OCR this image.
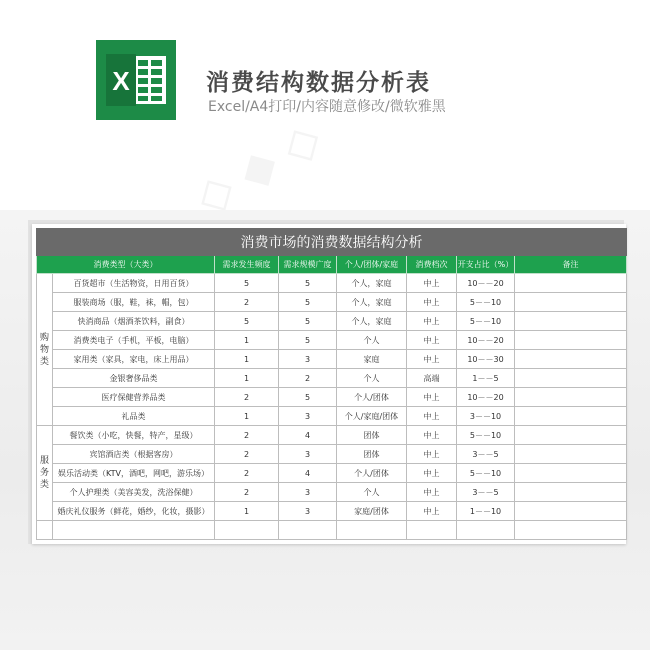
X	消费结构数据分析表
Excel/A4打印/内容随意修改/微软雅黑
消费市场的消费数据结构分析							
消费类型（大类）		需求发生频度	需求规模广度	个人/团体/家庭	消费档次	开支占比（%）	备注

购
物
类	百货超市（生活物资，日用百货）	5	5	个人，家庭	中上	10－－20	
	服装商场（服，鞋，袜，帽，包）	2	5	个人，家庭	中上	5－－10	
	快消商品（烟酒茶饮料，副食）	5	5	个人，家庭	中上	5－－10	
	消费类电子（手机，平板，电脑）	1	5	个人	中上	10－－20	
	家用类（家具，家电，床上用品）	1	3	家庭	中上	10－－30	
	金银奢侈品类	1	2	个人	高端	1－－5	
	医疗保健营养品类	2	5	个人/团体	中上	10－－20	
	礼品类	1	3	个人/家庭/团体	中上	3－－10	

服
务
类	餐饮类（小吃，快餐，特产，星级）	2	4	团体	中上	5－－10	
	宾馆酒店类（根据客房）	2	3	团体	中上	3－－5	
	娱乐活动类（KTV，酒吧，网吧，游乐场）	2	4	个人/团体	中上	5－－10	
	个人护理类（美容美发，洗浴保健）	2	3	个人	中上	3－－5	
	婚庆礼仪服务（鲜花，婚纱，化妆，摄影）	1	3	家庭/团体	中上	1－－10	
